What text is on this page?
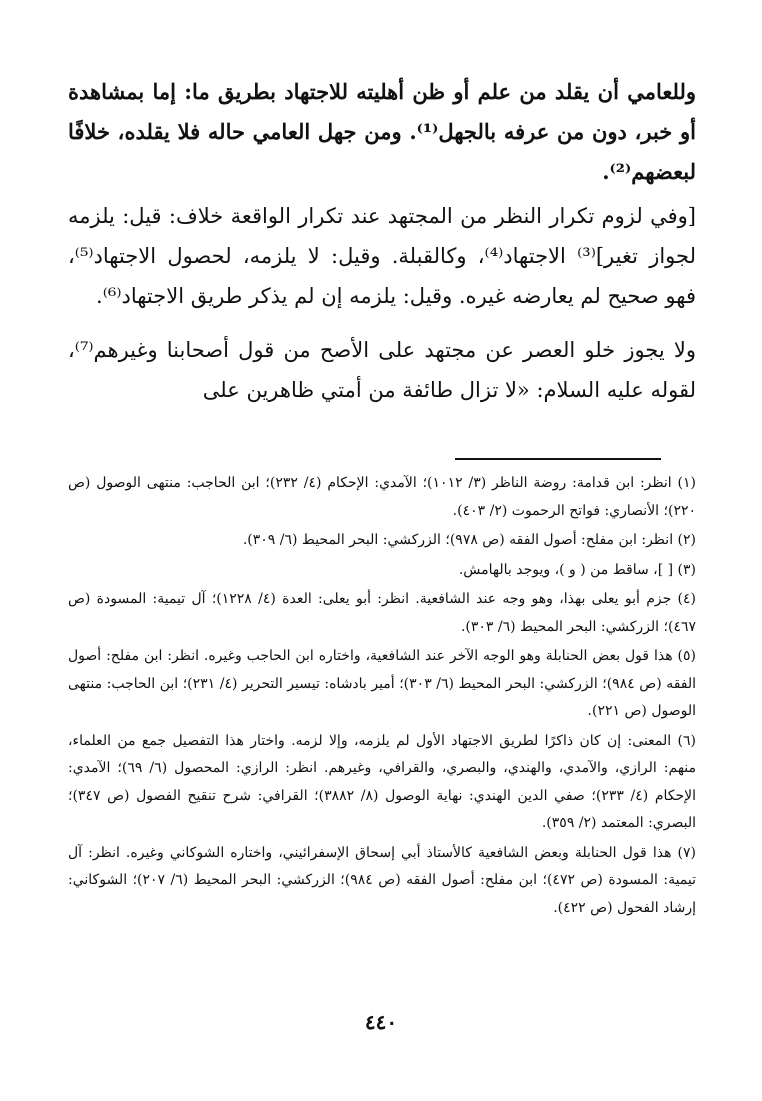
وللعامي أن يقلد من علم أو ظن أهليته للاجتهاد بطريق ما: إما بمشاهدة أو خبر، دون من عرفه بالجهل⁽¹⁾. ومن جهل العامي حاله فلا يقلده، خلافًا لبعضهم⁽²⁾.

[وفي لزوم تكرار النظر من المجتهد عند تكرار الواقعة خلاف: قيل: يلزمه لجواز تغير]⁽³⁾ الاجتهاد⁽⁴⁾، وكالقبلة. وقيل: لا يلزمه، لحصول الاجتهاد⁽⁵⁾، فهو صحيح لم يعارضه غيره. وقيل: يلزمه إن لم يذكر طريق الاجتهاد⁽⁶⁾.

ولا يجوز خلو العصر عن مجتهد على الأصح من قول أصحابنا وغيرهم⁽⁷⁾، لقوله عليه السلام: «لا تزال طائفة من أمتي ظاهرين على

(١) انظر: ابن قدامة: روضة الناظر (٣/ ١٠١٢)؛ الآمدي: الإحكام (٤/ ٢٣٢)؛ ابن الحاجب: منتهى الوصول (ص ٢٢٠)؛ الأنصاري: فواتح الرحموت (٢/ ٤٠٣).

(٢) انظر: ابن مفلح: أصول الفقه (ص ٩٧٨)؛ الزركشي: البحر المحيط (٦/ ٣٠٩).

(٣) [ ]، ساقط من ( و )، ويوجد بالهامش.

(٤) جزم أبو يعلى بهذا، وهو وجه عند الشافعية. انظر: أبو يعلى: العدة (٤/ ١٢٢٨)؛ آل تيمية: المسودة (ص ٤٦٧)؛ الزركشي: البحر المحيط (٦/ ٣٠٣).

(٥) هذا قول بعض الحنابلة وهو الوجه الآخر عند الشافعية، واختاره ابن الحاجب وغيره. انظر: ابن مفلح: أصول الفقه (ص ٩٨٤)؛ الزركشي: البحر المحيط (٦/ ٣٠٣)؛ أمير بادشاه: تيسير التحرير (٤/ ٢٣١)؛ ابن الحاجب: منتهى الوصول (ص ٢٢١).

(٦) المعنى: إن كان ذاكرًا لطريق الاجتهاد الأول لم يلزمه، وإلا لزمه. واختار هذا التفصيل جمع من العلماء، منهم: الرازي، والآمدي، والهندي، والبصري، والقرافي، وغيرهم. انظر: الرازي: المحصول (٦/ ٦٩)؛ الآمدي: الإحكام (٤/ ٢٣٣)؛ صفي الدين الهندي: نهاية الوصول (٨/ ٣٨٨٢)؛ القرافي: شرح تنقيح الفصول (ص ٣٤٧)؛ البصري: المعتمد (٢/ ٣٥٩).

(٧) هذا قول الحنابلة وبعض الشافعية كالأستاذ أبي إسحاق الإسفرائيني، واختاره الشوكاني وغيره. انظر: آل تيمية: المسودة (ص ٤٧٢)؛ ابن مفلح: أصول الفقه (ص ٩٨٤)؛ الزركشي: البحر المحيط (٦/ ٢٠٧)؛ الشوكاني: إرشاد الفحول (ص ٤٢٢).

٤٤٠
